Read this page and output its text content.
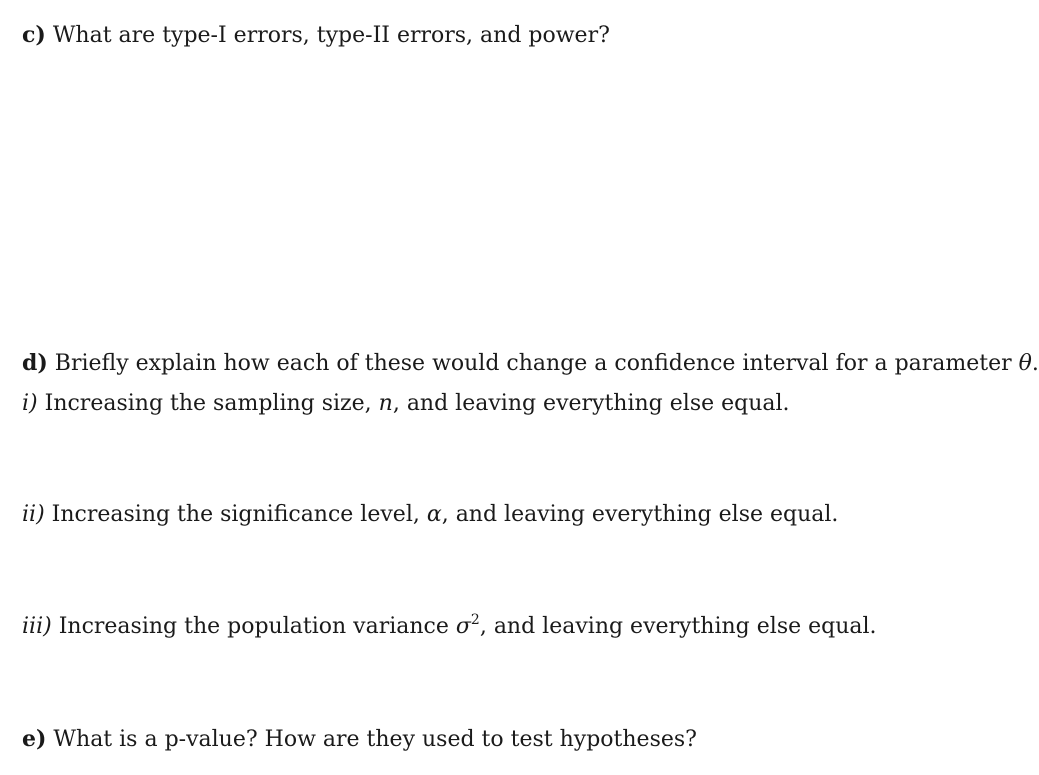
c) What are type-I errors, type-II errors, and power?
d) Briefly explain how each of these would change a confidence interval for a parameter θ.
i) Increasing the sampling size, n, and leaving everything else equal.
ii) Increasing the significance level, α, and leaving everything else equal.
iii) Increasing the population variance $\sigma^2$, and leaving everything else equal.
e) What is a p-value? How are they used to test hypotheses?
